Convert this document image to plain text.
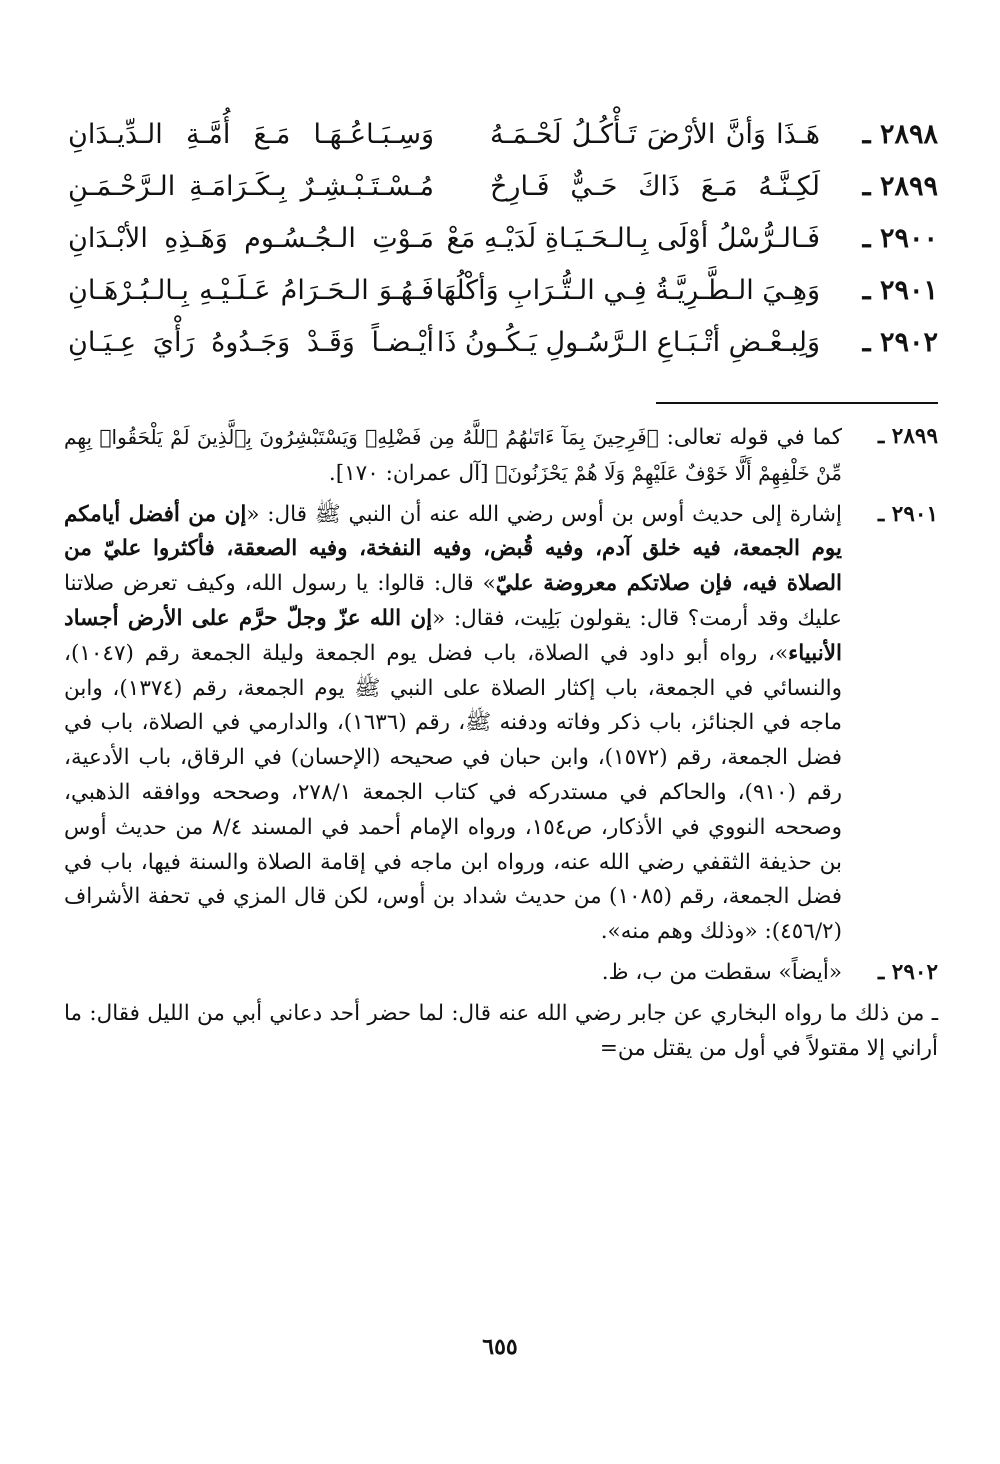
٢٨٩٨ ـ
هَـذَا وَأنَّ الأرْضَ تَـأْكُـلُ لَحْـمَـهُ
وَسِـبَـاعُـهَـا مَـعَ أُمَّـةِ الـدِّيـدَانِ
٢٨٩٩ ـ
لَكِـنَّـهُ مَـعَ ذَاكَ حَـيٌّ فَـارِحٌ
مُـسْـتَـبْـشِـرٌ بِـكَـرَامَـةِ الـرَّحْـمَـنِ
٢٩٠٠ ـ
فَـالـرُّسْلُ أوْلَى بِـالـحَـيَـاةِ لَدَيْـهِ مَعْ
مَـوْتِ الـجُـسُـوم وَهَـذِهِ الأبْـدَانِ
٢٩٠١ ـ
وَهِـيَ الـطَّـرِيَّـةُ فِـي الـتُّـرَابِ وَأكْلُهَا
فَـهُـوَ الـحَـرَامُ عَـلَـيْـهِ بِـالـبُـرْهَـانِ
٢٩٠٢ ـ
وَلِبـعْـضِ أتْـبَـاعِ الـرَّسُـولِ يَـكُـونُ ذَا
أيْـضـاً وَقَـدْ وَجَـدُوهُ رَأْيَ عِـيَـانِ
٢٨٩٩ ـ
كما في قوله تعالى: ﴿فَرِحِينَ بِمَآ ءَاتَىٰهُمُ ٱللَّهُ مِن فَضْلِهِۦ وَيَسْتَبْشِرُونَ بِٱلَّذِينَ لَمْ يَلْحَقُوا۟ بِهِم مِّنْ خَلْفِهِمْ أَلَّا خَوْفٌ عَلَيْهِمْ وَلَا هُمْ يَحْزَنُونَ﴾ [آل عمران: ١٧٠].
٢٩٠١ ـ
إشارة إلى حديث أوس بن أوس رضي الله عنه أن النبي ﷺ قال: «إن من أفضل أيامكم يوم الجمعة، فيه خلق آدم، وفيه قُبض، وفيه النفخة، وفيه الصعقة، فأكثروا عليّ من الصلاة فيه، فإن صلاتكم معروضة عليّ» قال: قالوا: يا رسول الله، وكيف تعرض صلاتنا عليك وقد أرمت؟ قال: يقولون بَلِيت، فقال: «إن الله عزّ وجلّ حرَّم على الأرض أجساد الأنبياء»، رواه أبو داود في الصلاة، باب فضل يوم الجمعة وليلة الجمعة رقم (١٠٤٧)، والنسائي في الجمعة، باب إكثار الصلاة على النبي ﷺ يوم الجمعة، رقم (١٣٧٤)، وابن ماجه في الجنائز، باب ذكر وفاته ودفنه ﷺ، رقم (١٦٣٦)، والدارمي في الصلاة، باب في فضل الجمعة، رقم (١٥٧٢)، وابن حبان في صحيحه (الإحسان) في الرقاق، باب الأدعية، رقم (٩١٠)، والحاكم في مستدركه في كتاب الجمعة ٢٧٨/١، وصححه ووافقه الذهبي، وصححه النووي في الأذكار، ص١٥٤، ورواه الإمام أحمد في المسند ٨/٤ من حديث أوس بن حذيفة الثقفي رضي الله عنه، ورواه ابن ماجه في إقامة الصلاة والسنة فيها، باب في فضل الجمعة، رقم (١٠٨٥) من حديث شداد بن أوس، لكن قال المزي في تحفة الأشراف (٤٥٦/٢): «وذلك وهم منه».
٢٩٠٢ ـ
«أيضاً» سقطت من ب، ظ.
ـ من ذلك ما رواه البخاري عن جابر رضي الله عنه قال: لما حضر أحد دعاني أبي من الليل فقال: ما أراني إلا مقتولاً في أول من يقتل من=
٦٥٥
